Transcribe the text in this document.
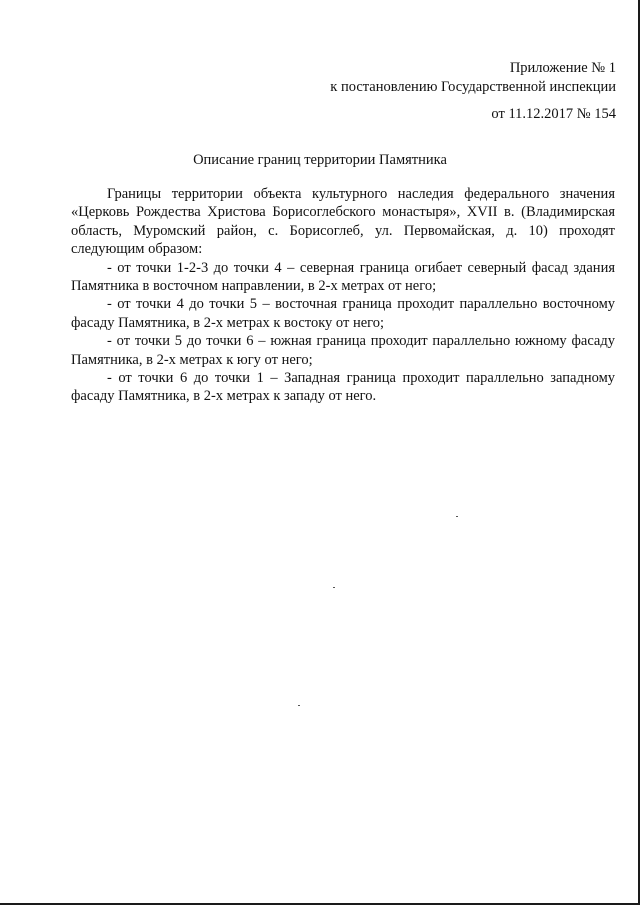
Приложение № 1
к постановлению Государственной инспекции
от 11.12.2017 № 154
Описание границ территории Памятника

Границы территории объекта культурного наследия федерального значения «Церковь Рождества Христова Борисоглебского монастыря», XVII в. (Владимирская область, Муромский район, с. Борисоглеб, ул. Первомайская, д. 10) проходят следующим образом:

- от точки 1-2-3 до точки 4 – северная граница огибает северный фасад здания Памятника в восточном направлении, в 2-х метрах от него;

- от точки 4 до точки 5 – восточная граница проходит параллельно восточному фасаду Памятника, в 2-х метрах к востоку от него;

- от точки 5 до точки 6 – южная граница проходит параллельно южному фасаду Памятника, в 2-х метрах к югу от него;

- от точки 6 до точки 1 – Западная граница проходит параллельно западному фасаду Памятника, в 2-х метрах к западу от него.
